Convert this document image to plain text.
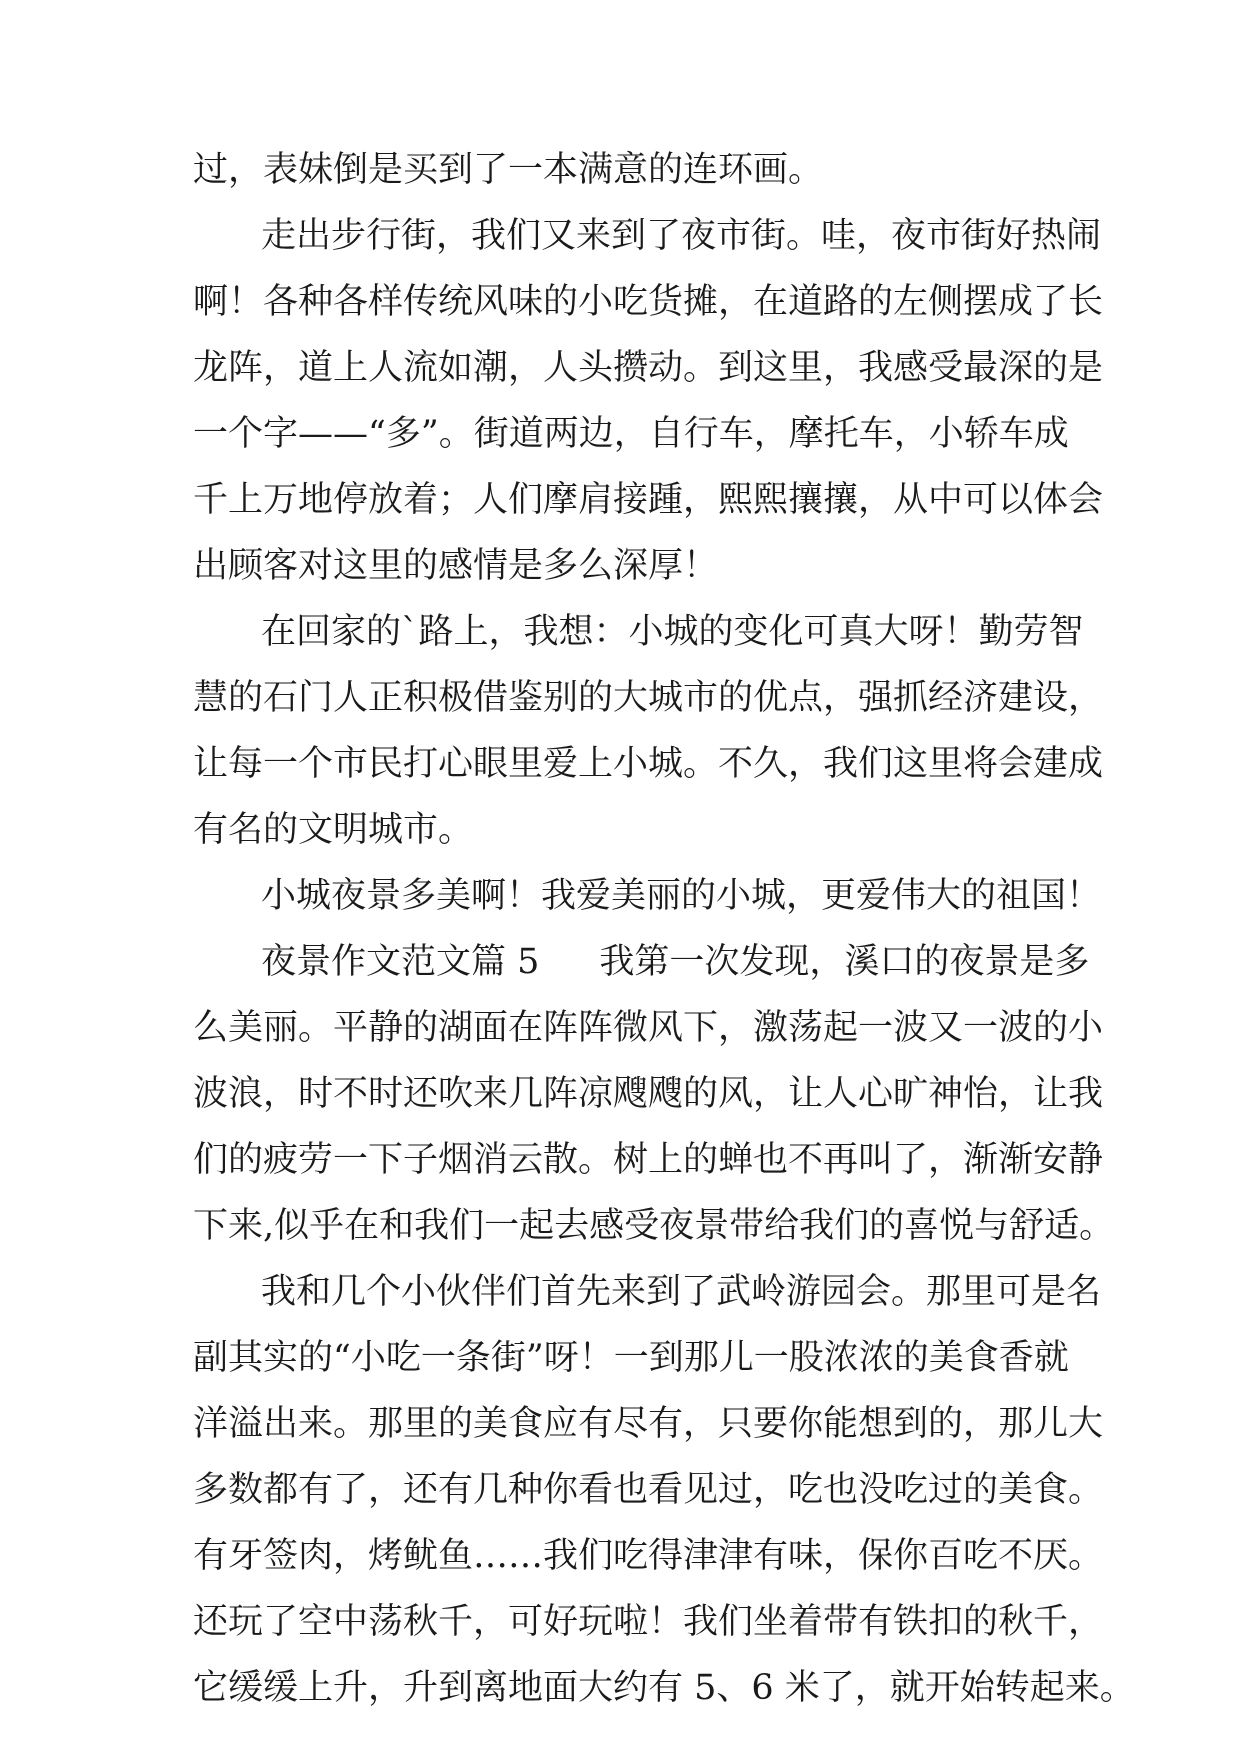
过，表妹倒是买到了一本满意的连环画。
走出步行街，我们又来到了夜市街。哇，夜市街好热闹
啊！各种各样传统风味的小吃货摊，在道路的左侧摆成了长
龙阵，道上人流如潮，人头攒动。到这里，我感受最深的是
一个字——“多”。街道两边，自行车，摩托车，小轿车成
千上万地停放着；人们摩肩接踵，熙熙攘攘，从中可以体会
出顾客对这里的感情是多么深厚！
在回家的`路上，我想：小城的变化可真大呀！勤劳智
慧的石门人正积极借鉴别的大城市的优点，强抓经济建设，
让每一个市民打心眼里爱上小城。不久，我们这里将会建成
有名的文明城市。
小城夜景多美啊！我爱美丽的小城，更爱伟大的祖国！
夜景作文范文篇 5 我第一次发现，溪口的夜景是多
么美丽。平静的湖面在阵阵微风下，激荡起一波又一波的小
波浪，时不时还吹来几阵凉飕飕的风，让人心旷神怡，让我
们的疲劳一下子烟消云散。树上的蝉也不再叫了，渐渐安静
下来,似乎在和我们一起去感受夜景带给我们的喜悦与舒适。
我和几个小伙伴们首先来到了武岭游园会。那里可是名
副其实的“小吃一条街”呀！一到那儿一股浓浓的美食香就
洋溢出来。那里的美食应有尽有，只要你能想到的，那儿大
多数都有了，还有几种你看也看见过，吃也没吃过的美食。
有牙签肉，烤鱿鱼……我们吃得津津有味，保你百吃不厌。
还玩了空中荡秋千，可好玩啦！我们坐着带有铁扣的秋千，
它缓缓上升，升到离地面大约有 5、6 米了，就开始转起来。
